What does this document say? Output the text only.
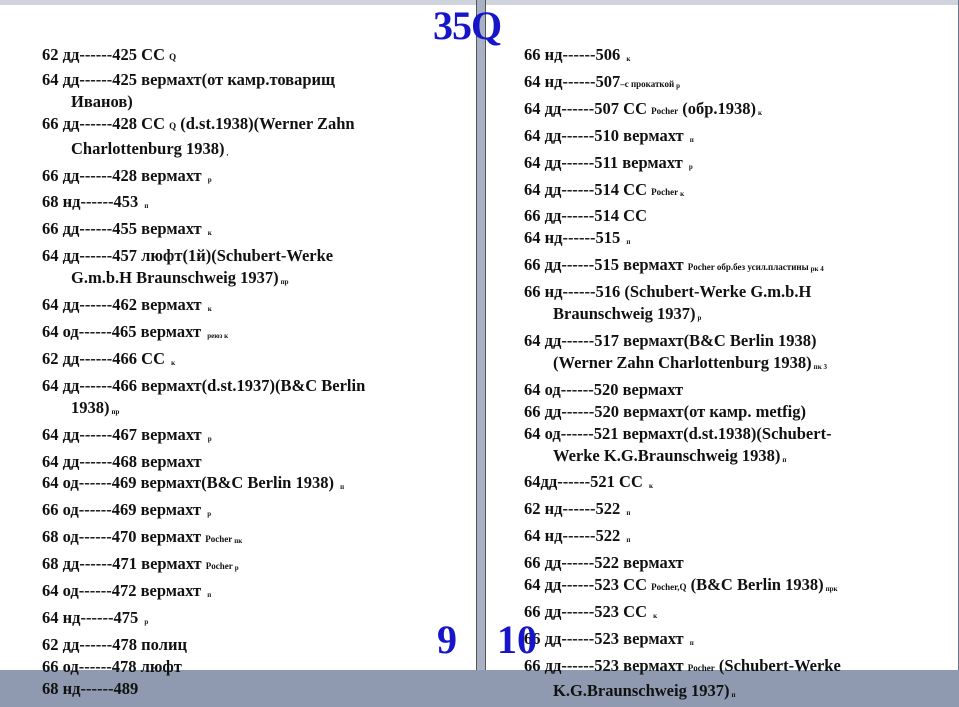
62 дд------425 СС Q
64 дд------425 вермахт(от камр.товарищ
Иванов)
66 дд------428 СС Q (d.st.1938)(Werner Zahn
Charlottenburg 1938) ,
66 дд------428 вермахт р
68 нд------453 п
66 дд------455 вермахт к
64 дд------457 люфт(1й)(Schubert-Werke
G.m.b.H Braunschweig 1937) пр
64 дд------462 вермахт к
64 од------465 вермахт реюз к
62 дд------466 СС к
64 дд------466 вермахт(d.st.1937)(B&C Berlin
1938) пр
64 дд------467 вермахт р
64 дд------468 вермахт
64 од------469 вермахт(B&C Berlin 1938) п
66 од------469 вермахт р
68 од------470 вермахт Pocher пк
68 дд------471 вермахт Pocher р
64 од------472 вермахт п
64 нд------475 р
62 дд------478 полиц
66 од------478 люфт
68 нд------489
66 нд------506 к
64 нд------507–с прокаткой р
64 дд------507 СС Pocher (обр.1938) к
64 дд------510 вермахт п
64 дд------511 вермахт р
64 дд------514 СС Pocher к
66 дд------514 СС
64 нд------515 п
66 дд------515 вермахт Pocher обр.без усил.пластины рк 4
66 нд------516 (Schubert-Werke G.m.b.H
Braunschweig 1937) р
64 дд------517 вермахт(B&C Berlin 1938)
(Werner Zahn Charlottenburg 1938) пк 3
64 од------520 вермахт
66 дд------520 вермахт(от камр. metfig)
64 од------521 вермахт(d.st.1938)(Schubert-
Werke K.G.Braunschweig 1938) п
64дд------521 СС к
62 нд------522 п
64 нд------522 п
66 дд------522 вермахт
64 дд------523 СС Pocher,Q (B&C Berlin 1938) прк
66 дд------523 СС к
66 дд------523 вермахт п
66 дд------523 вермахт Pocher (Schubert-Werke
K.G.Braunschweig 1937) п
35Q
9 10
